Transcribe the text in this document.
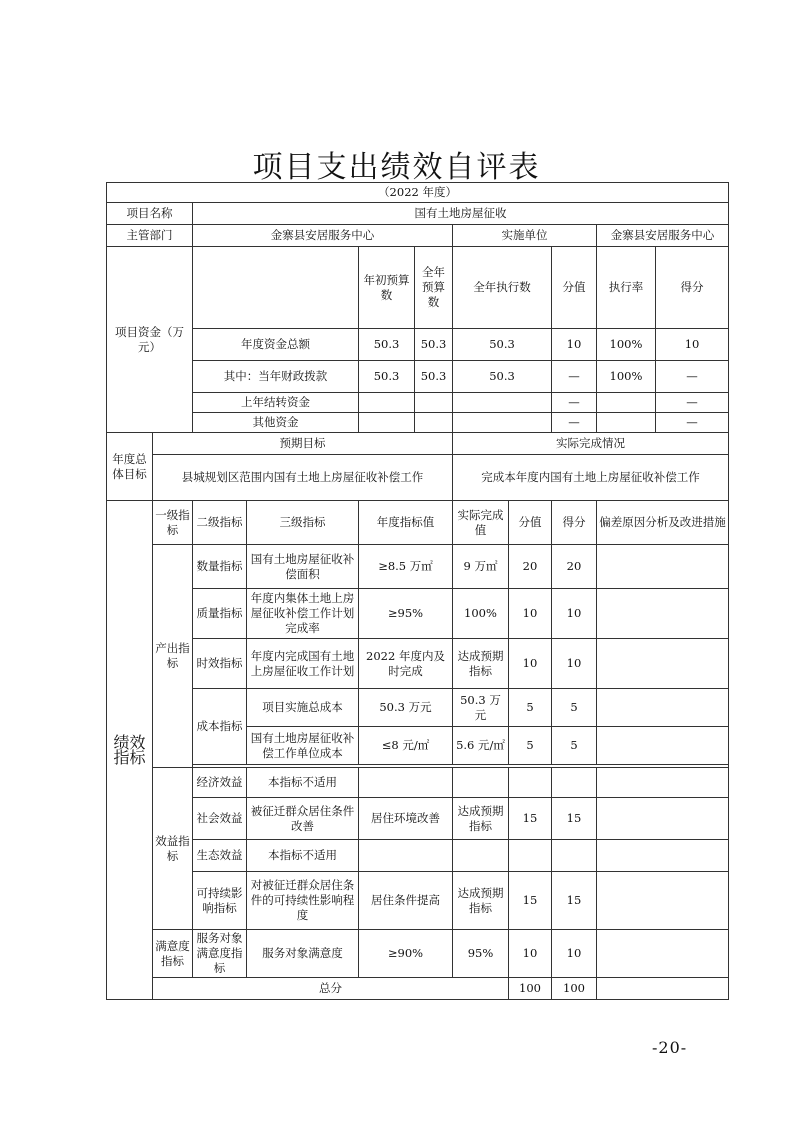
项目支出绩效自评表
（2022 年度）										
项目名称		国有土地房屋征收								
主管部门		金寨县安居服务中心				实施单位			金寨县安居服务中心	
项目资金（万元）				年初预算数	全年预算数	全年执行数		分值	执行率	得分
		年度资金总额		50.3	50.3	50.3		10	100%	10
		其中：当年财政拨款		50.3	50.3	50.3		—	100%	—
		上年结转资金						—		—
		其他资金						—		—
年度总体目标	预期目标					实际完成情况				
	县城规划区范围内国有土地上房屋征收补偿工作					完成本年度内国有土地上房屋征收补偿工作				
绩效指标	一级指标	二级指标	三级指标	年度指标值		实际完成值	分值	得分	偏差原因分析及改进措施	
	产出指标	数量指标	国有土地房屋征收补偿面积	≥8.5 万㎡		9 万㎡	20	20		
		质量指标	年度内集体土地上房屋征收补偿工作计划完成率	≥95%		100%	10	10		
		时效指标	年度内完成国有土地上房屋征收工作计划	2022 年度内及时完成		达成预期指标	10	10		
		成本指标	项目实施总成本	50.3 万元		50.3 万元	5	5		
			国有土地房屋征收补偿工作单位成本	≤8 元/㎡		5.6 元/㎡	5	5		

	效益指标	经济效益	本指标不适用							
		社会效益	被征迁群众居住条件改善	居住环境改善		达成预期指标	15	15		
		生态效益	本指标不适用							
		可持续影响指标	对被征迁群众居住条件的可持续性影响程度	居住条件提高		达成预期指标	15	15		
	满意度指标	服务对象满意度指标	服务对象满意度	≥90%		95%	10	10		
	总分						100	100		
-20-
